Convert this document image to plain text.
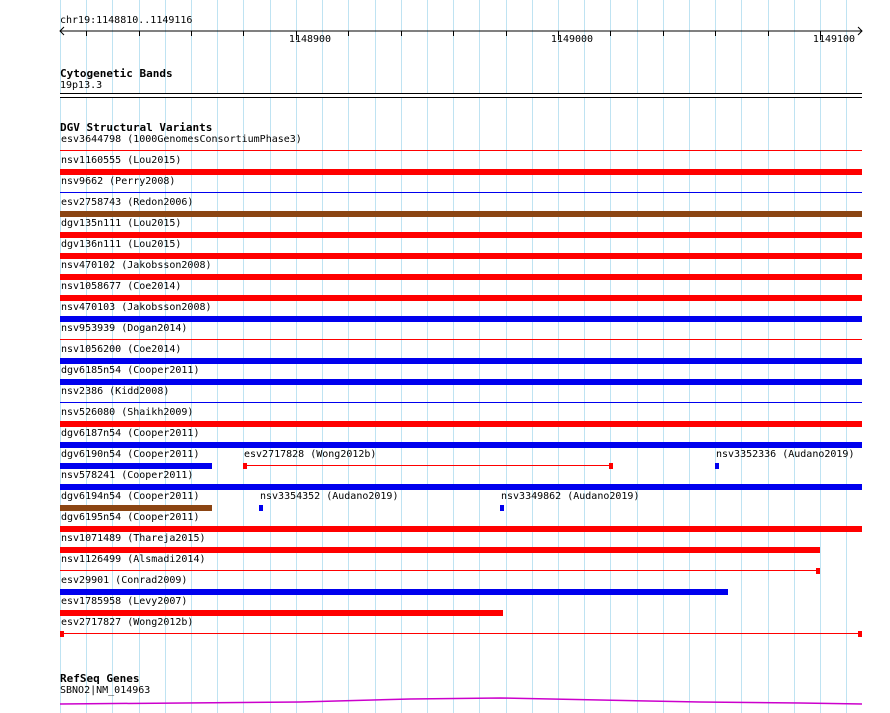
chr19:1148810..1149116
1148900	1149000	1149100
Cytogenetic Bands
19p13.3
DGV Structural Variants
esv3644798 (1000GenomesConsortiumPhase3)
nsv1160555 (Lou2015)
nsv9662 (Perry2008)
esv2758743 (Redon2006)
dgv135n111 (Lou2015)
dgv136n111 (Lou2015)
nsv470102 (Jakobsson2008)
nsv1058677 (Coe2014)
nsv470103 (Jakobsson2008)
nsv953939 (Dogan2014)
nsv1056200 (Coe2014)
dgv6185n54 (Cooper2011)
nsv2386 (Kidd2008)
nsv526080 (Shaikh2009)
dgv6187n54 (Cooper2011)
dgv6190n54 (Cooper2011)	esv2717828 (Wong2012b)	nsv3352336 (Audano2019)
nsv578241 (Cooper2011)
dgv6194n54 (Cooper2011)	nsv3354352 (Audano2019)	nsv3349862 (Audano2019)
dgv6195n54 (Cooper2011)
nsv1071489 (Thareja2015)
nsv1126499 (Alsmadi2014)
esv29901 (Conrad2009)
esv1785958 (Levy2007)
esv2717827 (Wong2012b)
RefSeq Genes
SBNO2|NM_014963
